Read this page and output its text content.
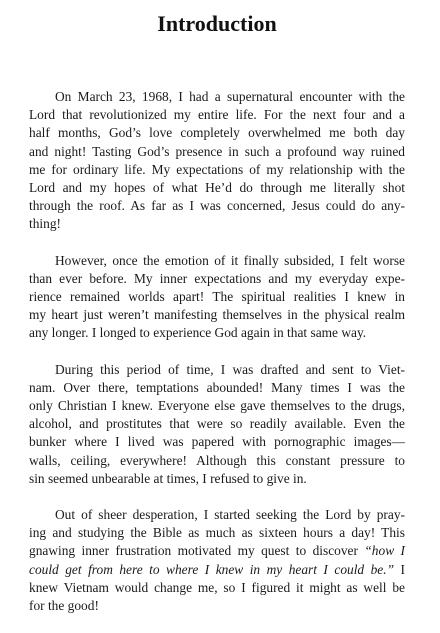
Introduction

On March 23, 1968, I had a supernatural encounter with the
Lord that revolutionized my entire life. For the next four and a
half months, God’s love completely overwhelmed me both day
and night! Tasting God’s presence in such a profound way ruined
me for ordinary life. My expectations of my relationship with the
Lord and my hopes of what He’d do through me literally shot
through the roof. As far as I was concerned, Jesus could do any-
thing!

However, once the emotion of it finally subsided, I felt worse
than ever before. My inner expectations and my everyday expe-
rience remained worlds apart! The spiritual realities I knew in
my heart just weren’t manifesting themselves in the physical realm
any longer. I longed to experience God again in that same way.

During this period of time, I was drafted and sent to Viet-
nam. Over there, temptations abounded! Many times I was the
only Christian I knew. Everyone else gave themselves to the drugs,
alcohol, and prostitutes that were so readily available. Even the
bunker where I lived was papered with pornographic images—
walls, ceiling, everywhere! Although this constant pressure to
sin seemed unbearable at times, I refused to give in.

Out of sheer desperation, I started seeking the Lord by pray-
ing and studying the Bible as much as sixteen hours a day! This
gnawing inner frustration motivated my quest to discover “how I
could get from here to where I knew in my heart I could be.” I
knew Vietnam would change me, so I figured it might as well be
for the good!
